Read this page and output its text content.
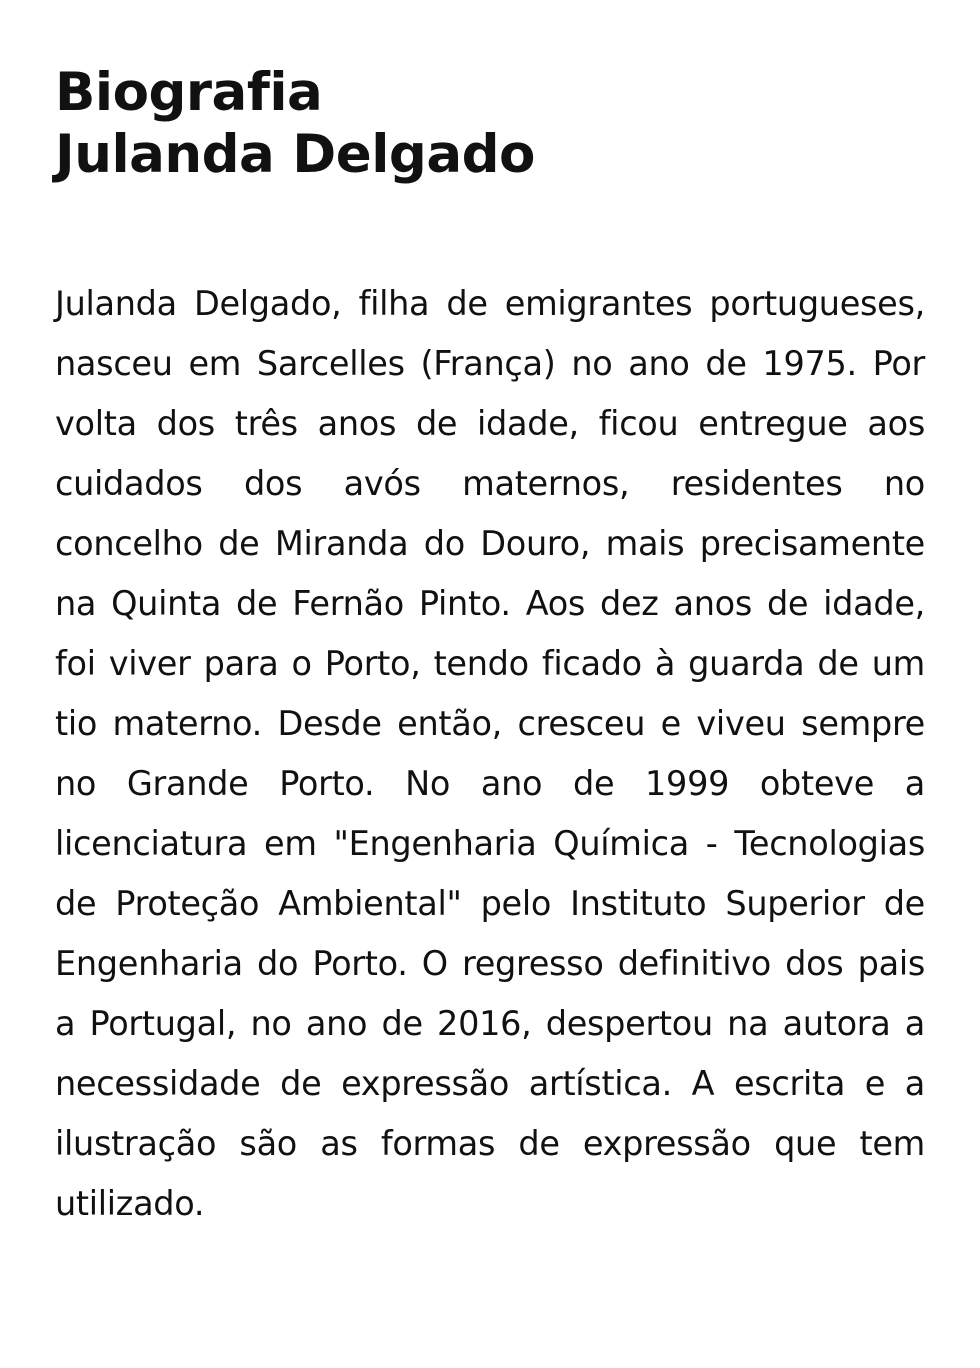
Biografia
Julanda Delgado

Julanda Delgado, filha de emigrantes portugueses, nasceu em Sarcelles (França) no ano de 1975. Por volta dos três anos de idade, ficou entregue aos cuidados dos avós maternos, residentes no concelho de Miranda do Douro, mais precisamente na Quinta de Fernão Pinto. Aos dez anos de idade, foi viver para o Porto, tendo ficado à guarda de um tio materno. Desde então, cresceu e viveu sempre no Grande Porto. No ano de 1999 obteve a licenciatura em "Engenharia Química - Tecnologias de Proteção Ambiental" pelo Instituto Superior de Engenharia do Porto. O regresso definitivo dos pais a Portugal, no ano de 2016, despertou na autora a necessidade de expressão artística. A escrita e a ilustração são as formas de expressão que tem utilizado.
